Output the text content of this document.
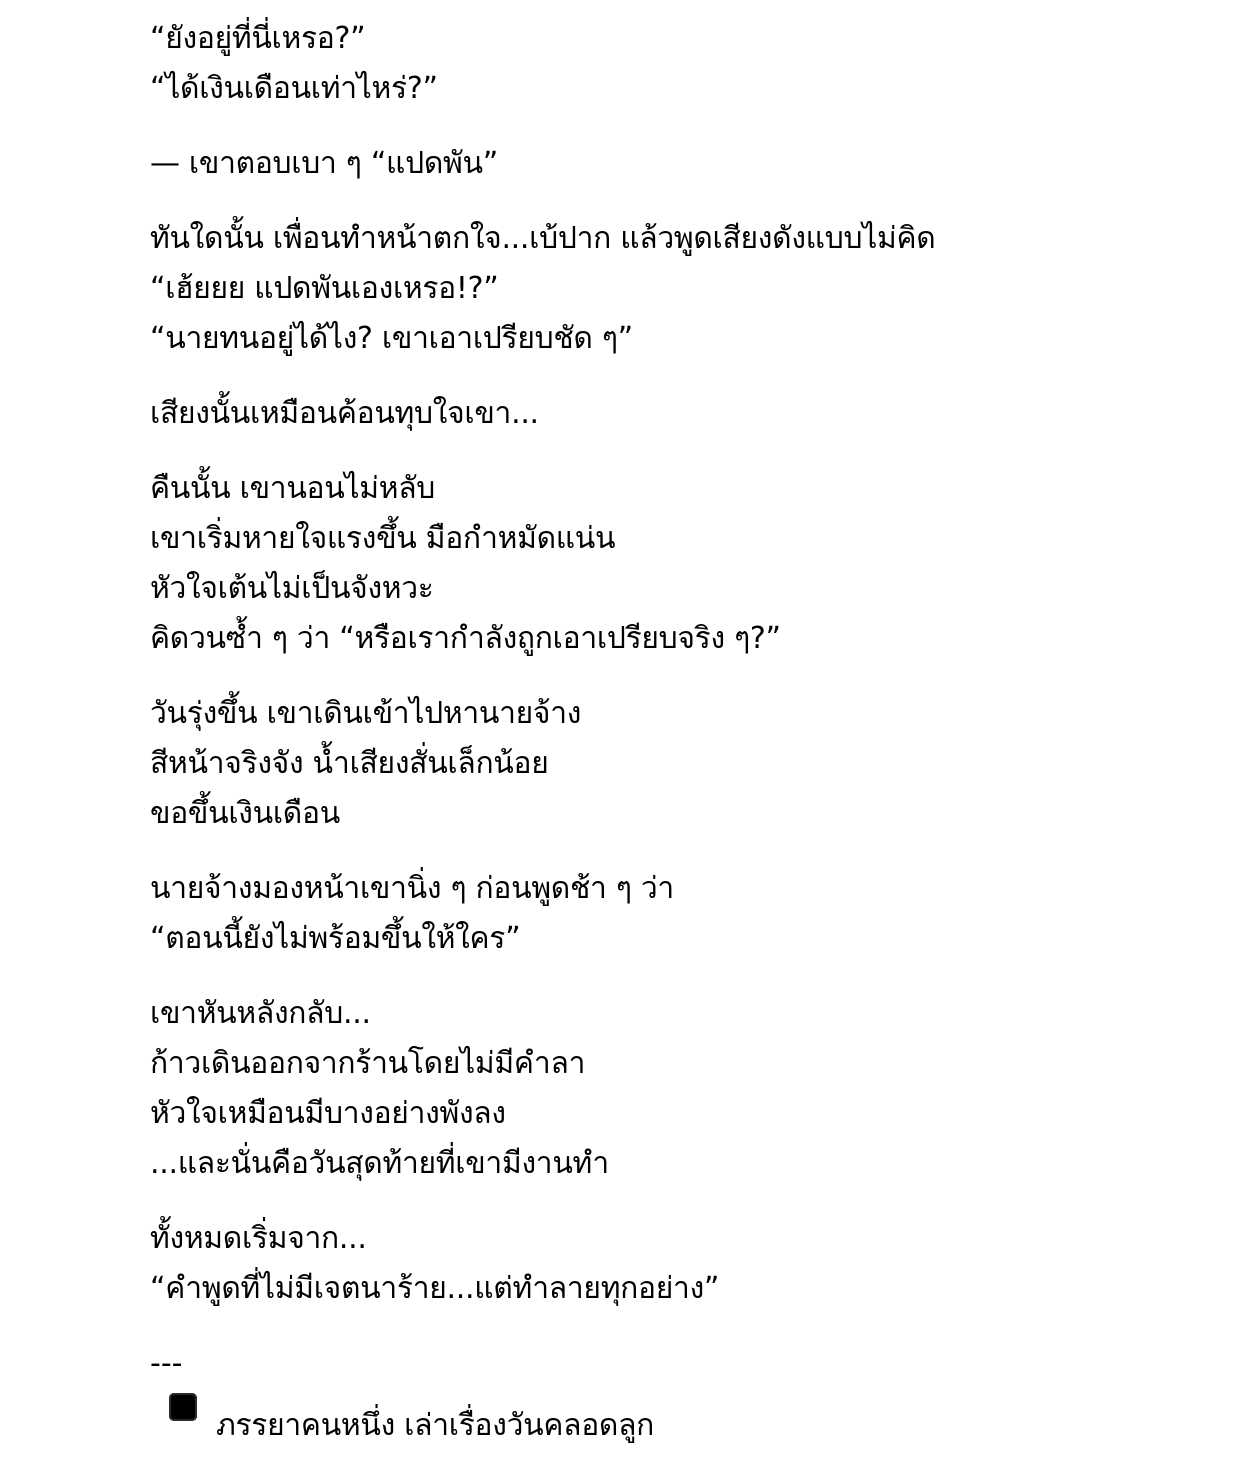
“ยังอยู่ที่นี่เหรอ?”
“ได้เงินเดือนเท่าไหร่?”
— เขาตอบเบา ๆ “แปดพัน”
ทันใดนั้น เพื่อนทำหน้าตกใจ...เบ้ปาก แล้วพูดเสียงดังแบบไม่คิด
“เฮ้ยยย แปดพันเองเหรอ!?”
“นายทนอยู่ได้ไง? เขาเอาเปรียบชัด ๆ”
เสียงนั้นเหมือนค้อนทุบใจเขา...
คืนนั้น เขานอนไม่หลับ
เขาเริ่มหายใจแรงขึ้น มือกำหมัดแน่น
หัวใจเต้นไม่เป็นจังหวะ
คิดวนซ้ำ ๆ ว่า “หรือเรากำลังถูกเอาเปรียบจริง ๆ?”
วันรุ่งขึ้น เขาเดินเข้าไปหานายจ้าง
สีหน้าจริงจัง น้ำเสียงสั่นเล็กน้อย
ขอขึ้นเงินเดือน
นายจ้างมองหน้าเขานิ่ง ๆ ก่อนพูดช้า ๆ ว่า
“ตอนนี้ยังไม่พร้อมขึ้นให้ใคร”
เขาหันหลังกลับ...
ก้าวเดินออกจากร้านโดยไม่มีคำลา
หัวใจเหมือนมีบางอย่างพังลง
...และนั่นคือวันสุดท้ายที่เขามีงานทำ
ทั้งหมดเริ่มจาก...
“คำพูดที่ไม่มีเจตนาร้าย...แต่ทำลายทุกอย่าง”
---
ภรรยาคนหนึ่ง เล่าเรื่องวันคลอดลูก
